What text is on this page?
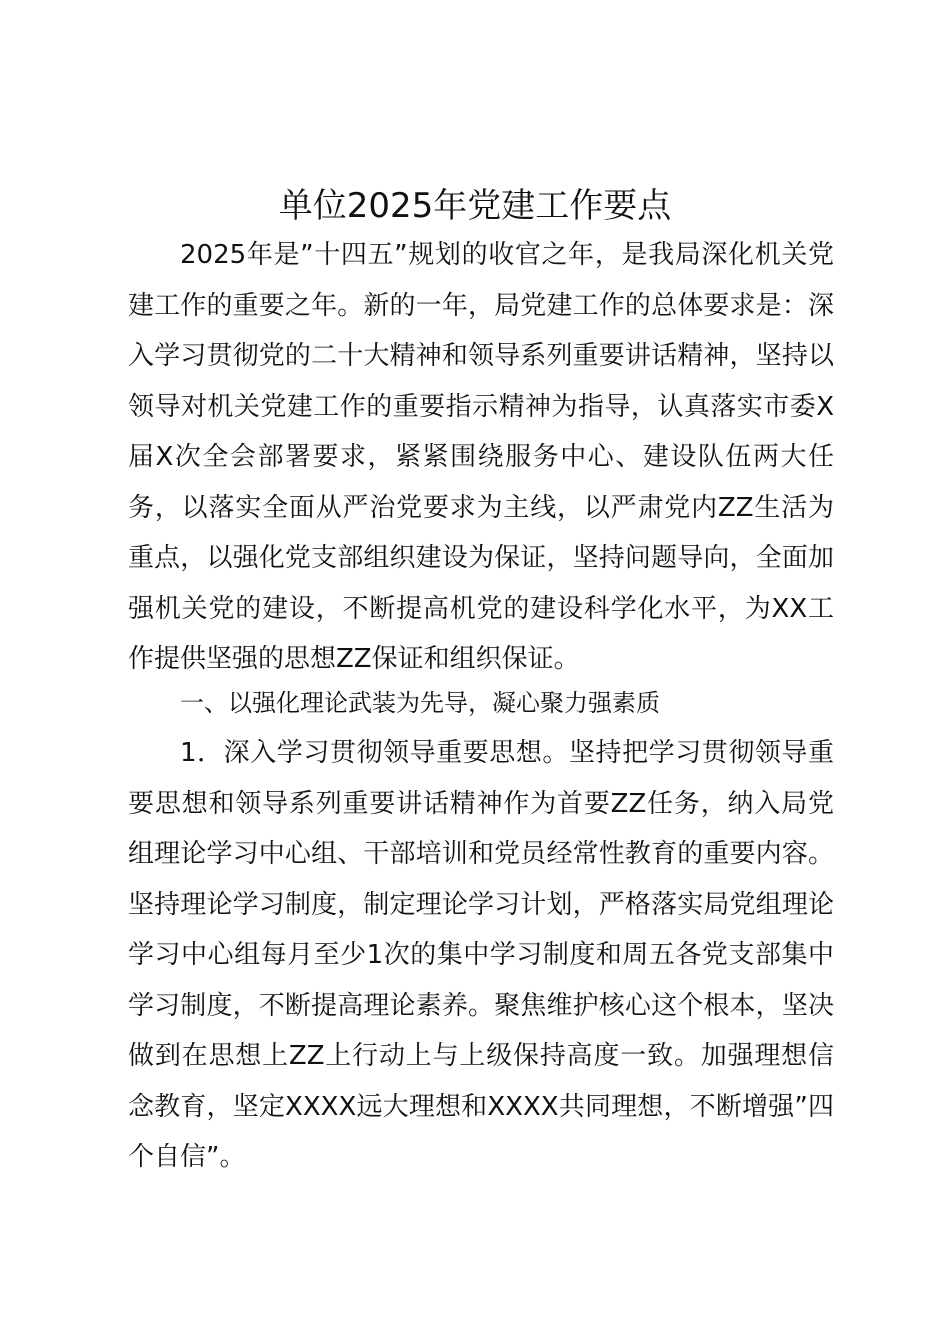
单位2025年党建工作要点

2025年是”十四五”规划的收官之年，是我局深化机关党建工作的重要之年。新的一年，局党建工作的总体要求是：深入学习贯彻党的二十大精神和领导系列重要讲话精神，坚持以领导对机关党建工作的重要指示精神为指导，认真落实市委X届X次全会部署要求，紧紧围绕服务中心、建设队伍两大任务，以落实全面从严治党要求为主线，以严肃党内ZZ生活为重点，以强化党支部组织建设为保证，坚持问题导向，全面加强机关党的建设，不断提高机党的建设科学化水平，为XX工作提供坚强的思想ZZ保证和组织保证。

一、以强化理论武装为先导，凝心聚力强素质

1．深入学习贯彻领导重要思想。坚持把学习贯彻领导重要思想和领导系列重要讲话精神作为首要ZZ任务，纳入局党组理论学习中心组、干部培训和党员经常性教育的重要内容。坚持理论学习制度，制定理论学习计划，严格落实局党组理论学习中心组每月至少1次的集中学习制度和周五各党支部集中学习制度，不断提高理论素养。聚焦维护核心这个根本，坚决做到在思想上ZZ上行动上与上级保持高度一致。加强理想信念教育，坚定XXXX远大理想和XXXX共同理想，不断增强”四个自信”。
